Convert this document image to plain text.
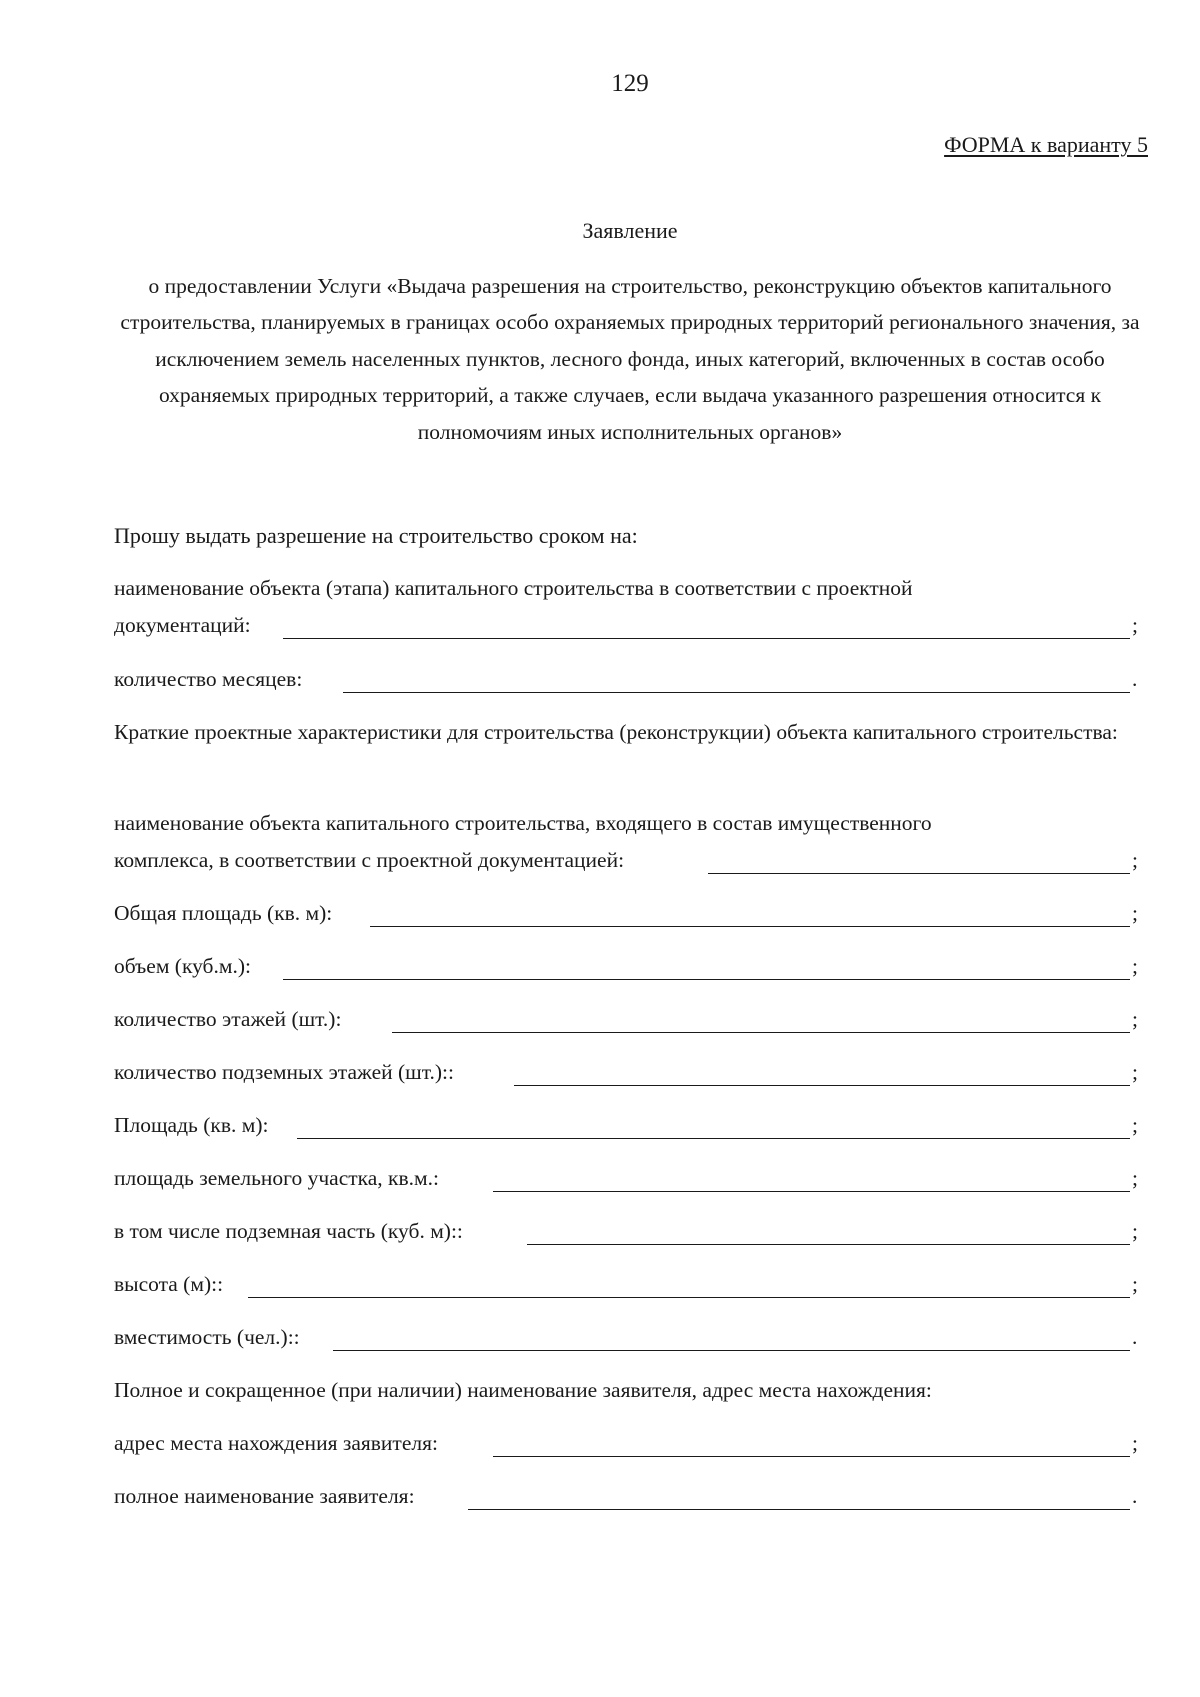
129
ФОРМА к варианту 5
Заявление
о предоставлении Услуги «Выдача разрешения на строительство, реконструкцию объектов капитального строительства, планируемых в границах особо охраняемых природных территорий регионального значения, за исключением земель населенных пунктов, лесного фонда, иных категорий, включенных в состав особо охраняемых природных территорий, а также случаев, если выдача указанного разрешения относится к полномочиям иных исполнительных органов»
Прошу выдать разрешение на строительство сроком на:
наименование объекта (этапа) капитального строительства в соответствии с проектной
документаций:	;
количество месяцев:	.
Краткие проектные характеристики для строительства (реконструкции) объекта капитального строительства:
наименование объекта капитального строительства, входящего в состав имущественного
комплекса, в соответствии с проектной документацией:	;
Общая площадь (кв. м):	;
объем (куб.м.):	;
количество этажей (шт.):	;
количество подземных этажей (шт.)::	;
Площадь (кв. м):	;
площадь земельного участка, кв.м.:	;
в том числе подземная часть (куб. м)::	;
высота (м)::	;
вместимость (чел.)::	.
Полное и сокращенное (при наличии) наименование заявителя, адрес места нахождения:
адрес места нахождения заявителя:	;
полное наименование заявителя:	.
